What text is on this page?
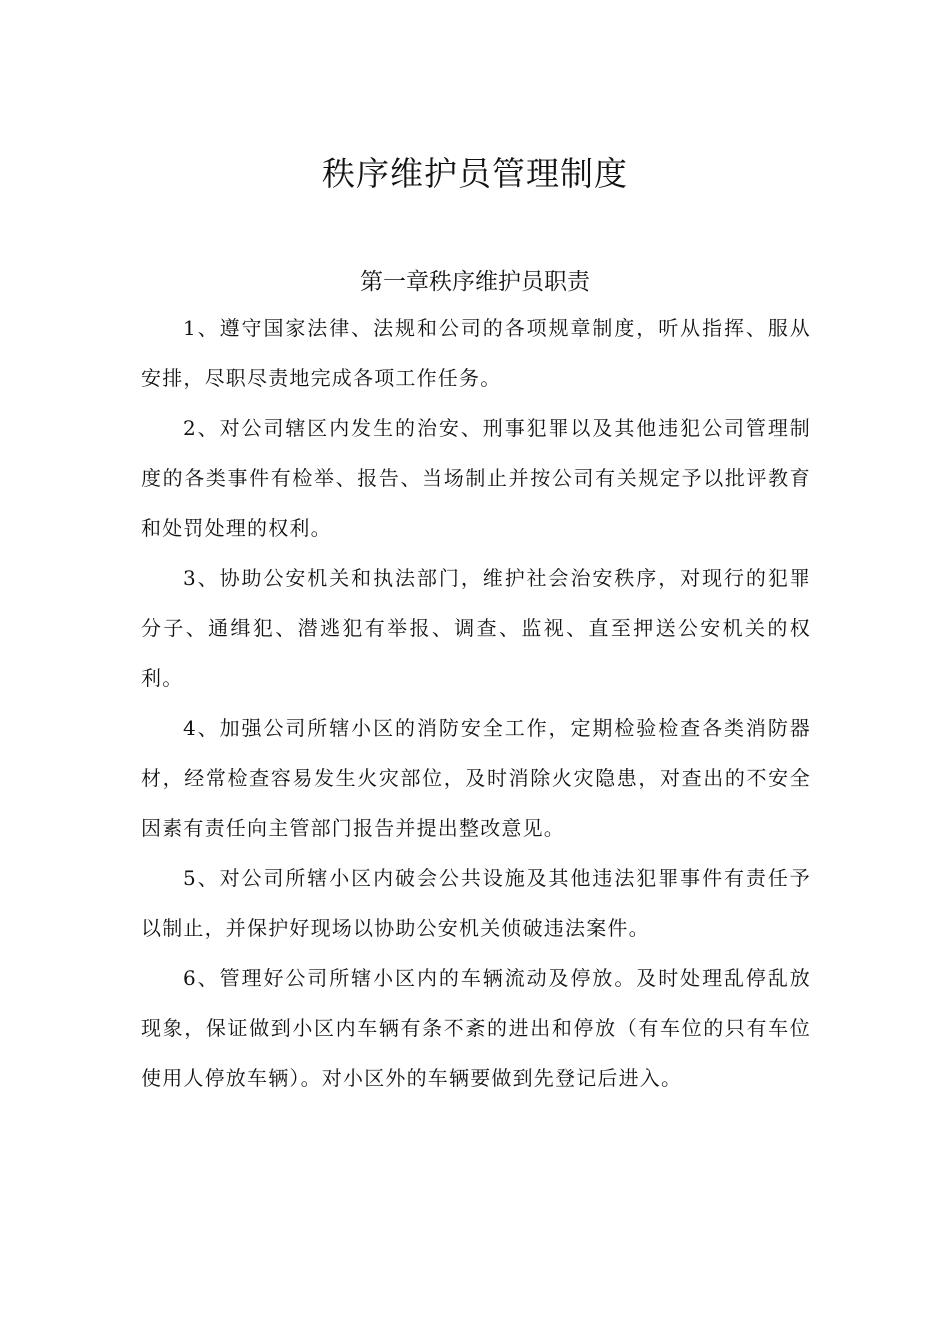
秩序维护员管理制度
第一章秩序维护员职责

1、遵守国家法律、法规和公司的各项规章制度，听从指挥、服从安排，尽职尽责地完成各项工作任务。

2、对公司辖区内发生的治安、刑事犯罪以及其他违犯公司管理制度的各类事件有检举、报告、当场制止并按公司有关规定予以批评教育和处罚处理的权利。

3、协助公安机关和执法部门，维护社会治安秩序，对现行的犯罪分子、通缉犯、潜逃犯有举报、调查、监视、直至押送公安机关的权利。

4、加强公司所辖小区的消防安全工作，定期检验检查各类消防器材，经常检查容易发生火灾部位，及时消除火灾隐患，对查出的不安全因素有责任向主管部门报告并提出整改意见。

5、对公司所辖小区内破会公共设施及其他违法犯罪事件有责任予以制止，并保护好现场以协助公安机关侦破违法案件。

6、管理好公司所辖小区内的车辆流动及停放。及时处理乱停乱放现象，保证做到小区内车辆有条不紊的进出和停放（有车位的只有车位使用人停放车辆）。对小区外的车辆要做到先登记后进入。
